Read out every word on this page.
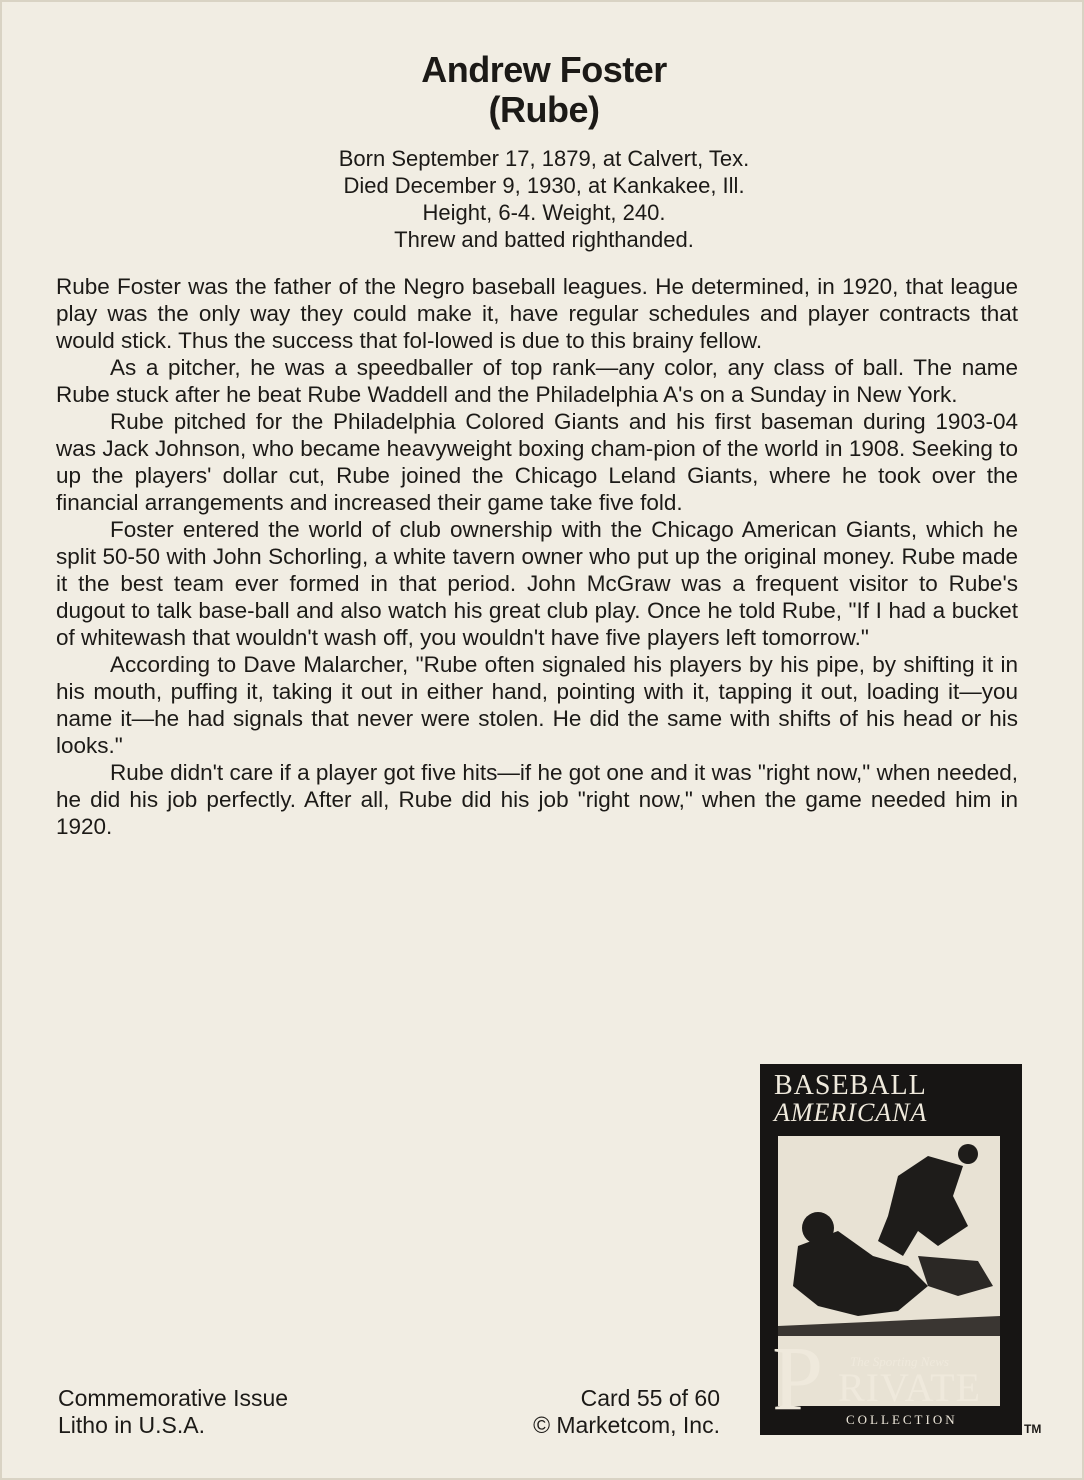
Andrew Foster
(Rube)
Born September 17, 1879, at Calvert, Tex.
Died December 9, 1930, at Kankakee, Ill.
Height, 6-4. Weight, 240.
Threw and batted righthanded.

Rube Foster was the father of the Negro baseball leagues. He determined, in 1920, that league play was the only way they could make it, have regular schedules and player contracts that would stick. Thus the success that fol-lowed is due to this brainy fellow.

As a pitcher, he was a speedballer of top rank—any color, any class of ball. The name Rube stuck after he beat Rube Waddell and the Philadelphia A's on a Sunday in New York.

Rube pitched for the Philadelphia Colored Giants and his first baseman during 1903-04 was Jack Johnson, who became heavyweight boxing cham-pion of the world in 1908. Seeking to up the players' dollar cut, Rube joined the Chicago Leland Giants, where he took over the financial arrangements and increased their game take five fold.

Foster entered the world of club ownership with the Chicago American Giants, which he split 50-50 with John Schorling, a white tavern owner who put up the original money. Rube made it the best team ever formed in that period. John McGraw was a frequent visitor to Rube's dugout to talk base-ball and also watch his great club play. Once he told Rube, "If I had a bucket of whitewash that wouldn't wash off, you wouldn't have five players left tomorrow."

According to Dave Malarcher, "Rube often signaled his players by his pipe, by shifting it in his mouth, puffing it, taking it out in either hand, pointing with it, tapping it out, loading it—you name it—he had signals that never were stolen. He did the same with shifts of his head or his looks."

Rube didn't care if a player got five hits—if he got one and it was "right now," when needed, he did his job perfectly. After all, Rube did his job "right now," when the game needed him in 1920.

Commemorative Issue
Litho in U.S.A.
Card 55 of 60
© Marketcom, Inc.
BASEBALL
AMERICANA
P The Sporting News
RIVATE
COLLECTION
TM
